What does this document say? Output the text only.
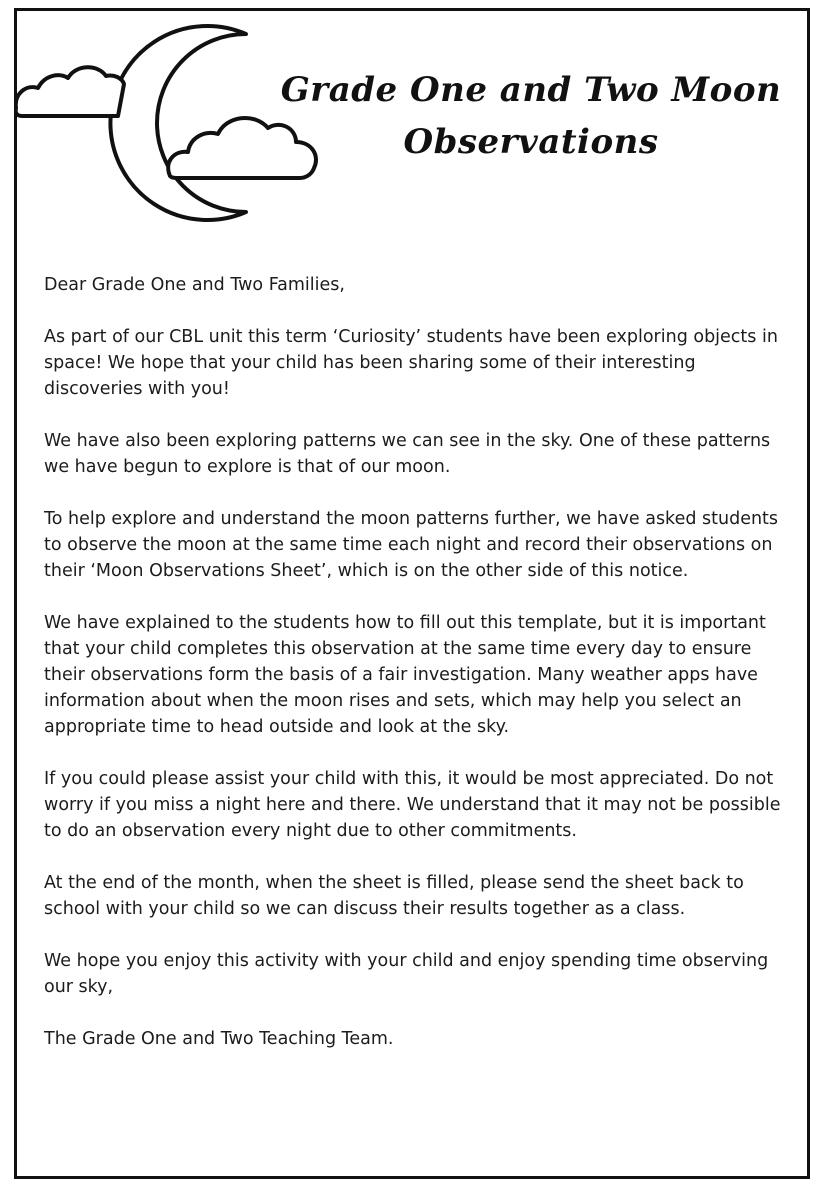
Grade One and Two Moon
Observations

Dear Grade One and Two Families,

As part of our CBL unit this term ‘Curiosity’ students have been exploring objects in space! We hope that your child has been sharing some of their interesting discoveries with you!

We have also been exploring patterns we can see in the sky. One of these patterns we have begun to explore is that of our moon.

To help explore and understand the moon patterns further, we have asked students to observe the moon at the same time each night and record their observations on their ‘Moon Observations Sheet’, which is on the other side of this notice.

We have explained to the students how to fill out this template, but it is important that your child completes this observation at the same time every day to ensure their observations form the basis of a fair investigation. Many weather apps have information about when the moon rises and sets, which may help you select an appropriate time to head outside and look at the sky.

If you could please assist your child with this, it would be most appreciated. Do not worry if you miss a night here and there. We understand that it may not be possible to do an observation every night due to other commitments.

At the end of the month, when the sheet is filled, please send the sheet back to school with your child so we can discuss their results together as a class.

We hope you enjoy this activity with your child and enjoy spending time observing our sky,

The Grade One and Two Teaching Team.
